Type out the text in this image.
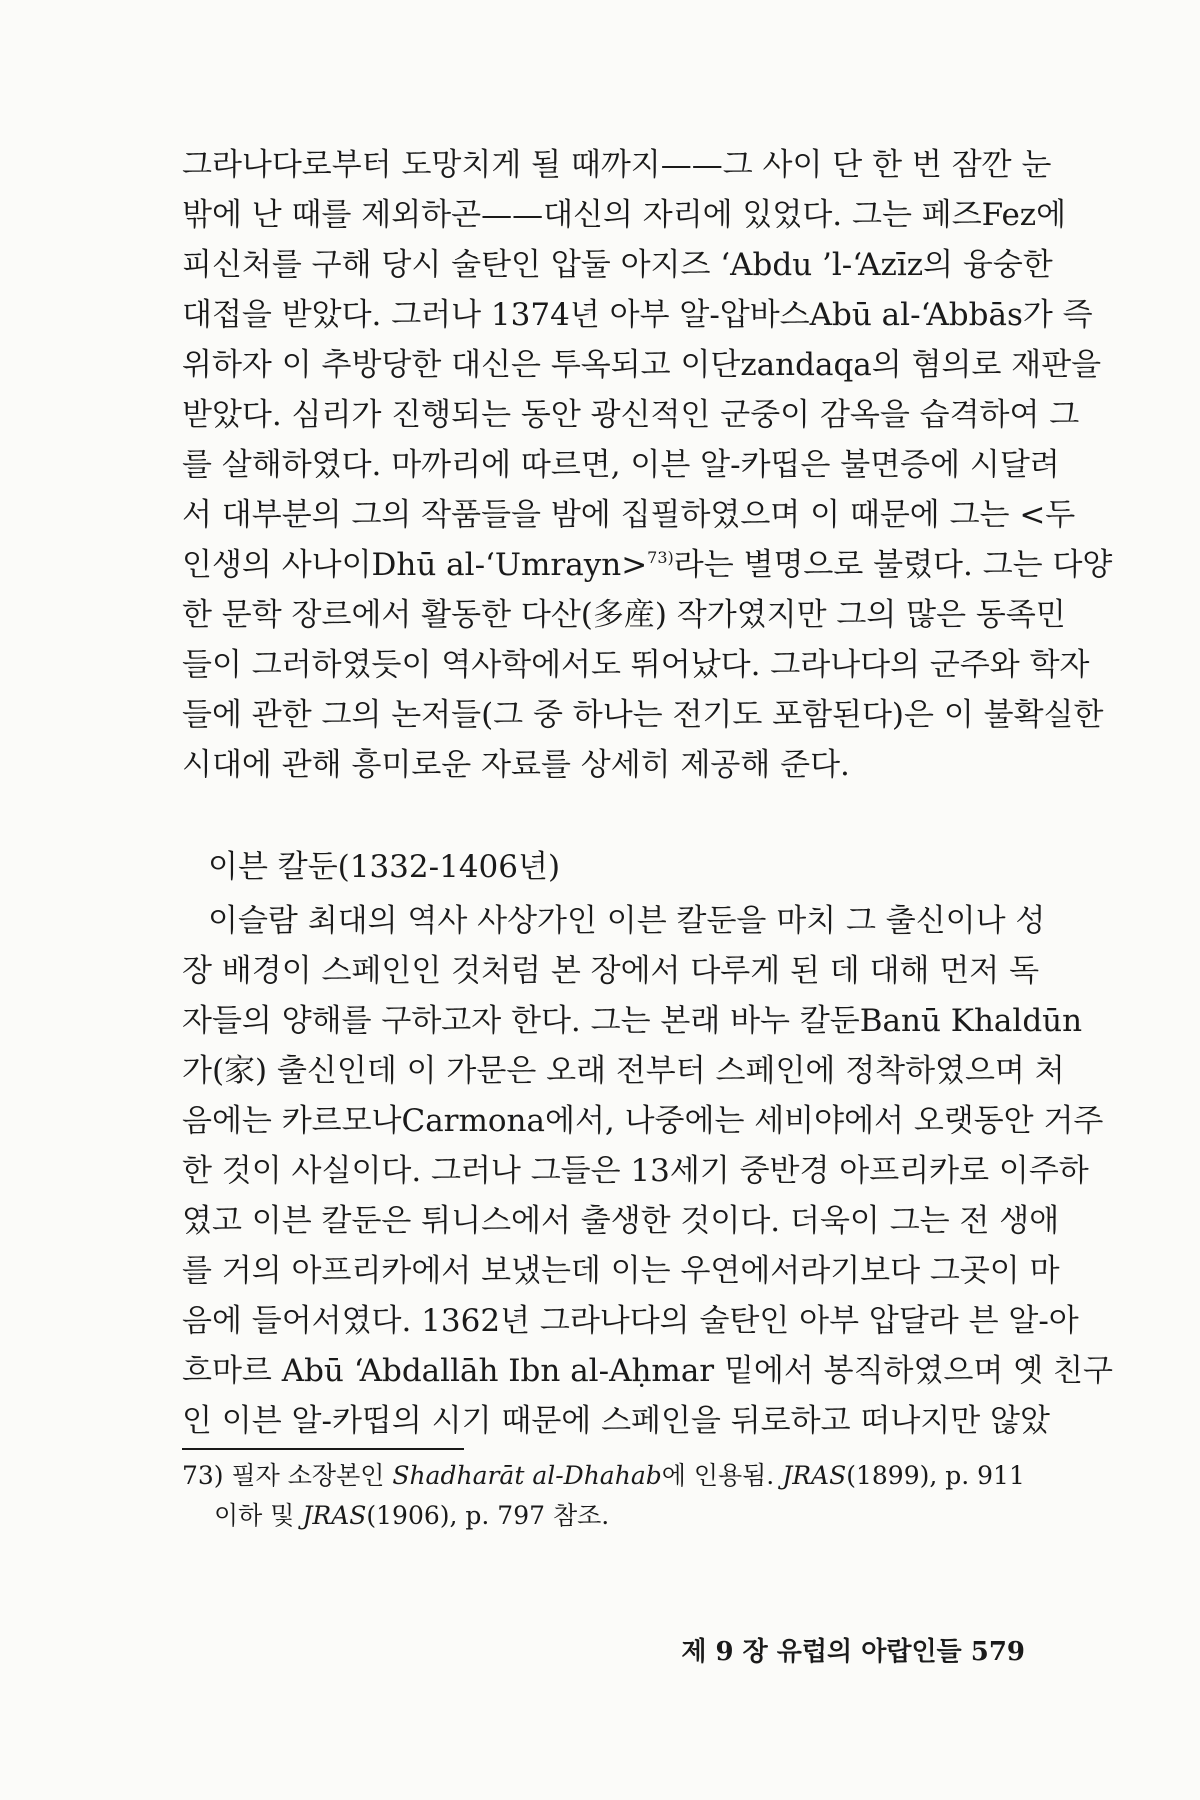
그라나다로부터 도망치게 될 때까지——그 사이 단 한 번 잠깐 눈
밖에 난 때를 제외하곤——대신의 자리에 있었다. 그는 페즈Fez에
피신처를 구해 당시 술탄인 압둘 아지즈 ‘Abdu ’l-‘Azīz의 융숭한
대접을 받았다. 그러나 1374년 아부 알-압바스Abū al-‘Abbās가 즉
위하자 이 추방당한 대신은 투옥되고 이단zandaqa의 혐의로 재판을
받았다. 심리가 진행되는 동안 광신적인 군중이 감옥을 습격하여 그
를 살해하였다. 마까리에 따르면, 이븐 알-카띱은 불면증에 시달려
서 대부분의 그의 작품들을 밤에 집필하였으며 이 때문에 그는 <두
인생의 사나이Dhū al-‘Umrayn>$^{73)}$라는 별명으로 불렸다. 그는 다양
한 문학 장르에서 활동한 다산(多産) 작가였지만 그의 많은 동족민
들이 그러하였듯이 역사학에서도 뛰어났다. 그라나다의 군주와 학자
들에 관한 그의 논저들(그 중 하나는 전기도 포함된다)은 이 불확실한
시대에 관해 흥미로운 자료를 상세히 제공해 준다.
이븐 칼둔(1332-1406년)
이슬람 최대의 역사 사상가인 이븐 칼둔을 마치 그 출신이나 성
장 배경이 스페인인 것처럼 본 장에서 다루게 된 데 대해 먼저 독
자들의 양해를 구하고자 한다. 그는 본래 바누 칼둔Banū Khaldūn
가(家) 출신인데 이 가문은 오래 전부터 스페인에 정착하였으며 처
음에는 카르모나Carmona에서, 나중에는 세비야에서 오랫동안 거주
한 것이 사실이다. 그러나 그들은 13세기 중반경 아프리카로 이주하
였고 이븐 칼둔은 튀니스에서 출생한 것이다. 더욱이 그는 전 생애
를 거의 아프리카에서 보냈는데 이는 우연에서라기보다 그곳이 마
음에 들어서였다. 1362년 그라나다의 술탄인 아부 압달라 븐 알-아
흐마르 Abū ‘Abdallāh Ibn al-Aḥmar 밑에서 봉직하였으며 옛 친구
인 이븐 알-카띱의 시기 때문에 스페인을 뒤로하고 떠나지만 않았
73) 필자 소장본인 Shadharāt al-Dhahab에 인용됨. JRAS(1899), p. 911
이하 및 JRAS(1906), p. 797 참조.
제 9 장 유럽의 아랍인들 579
